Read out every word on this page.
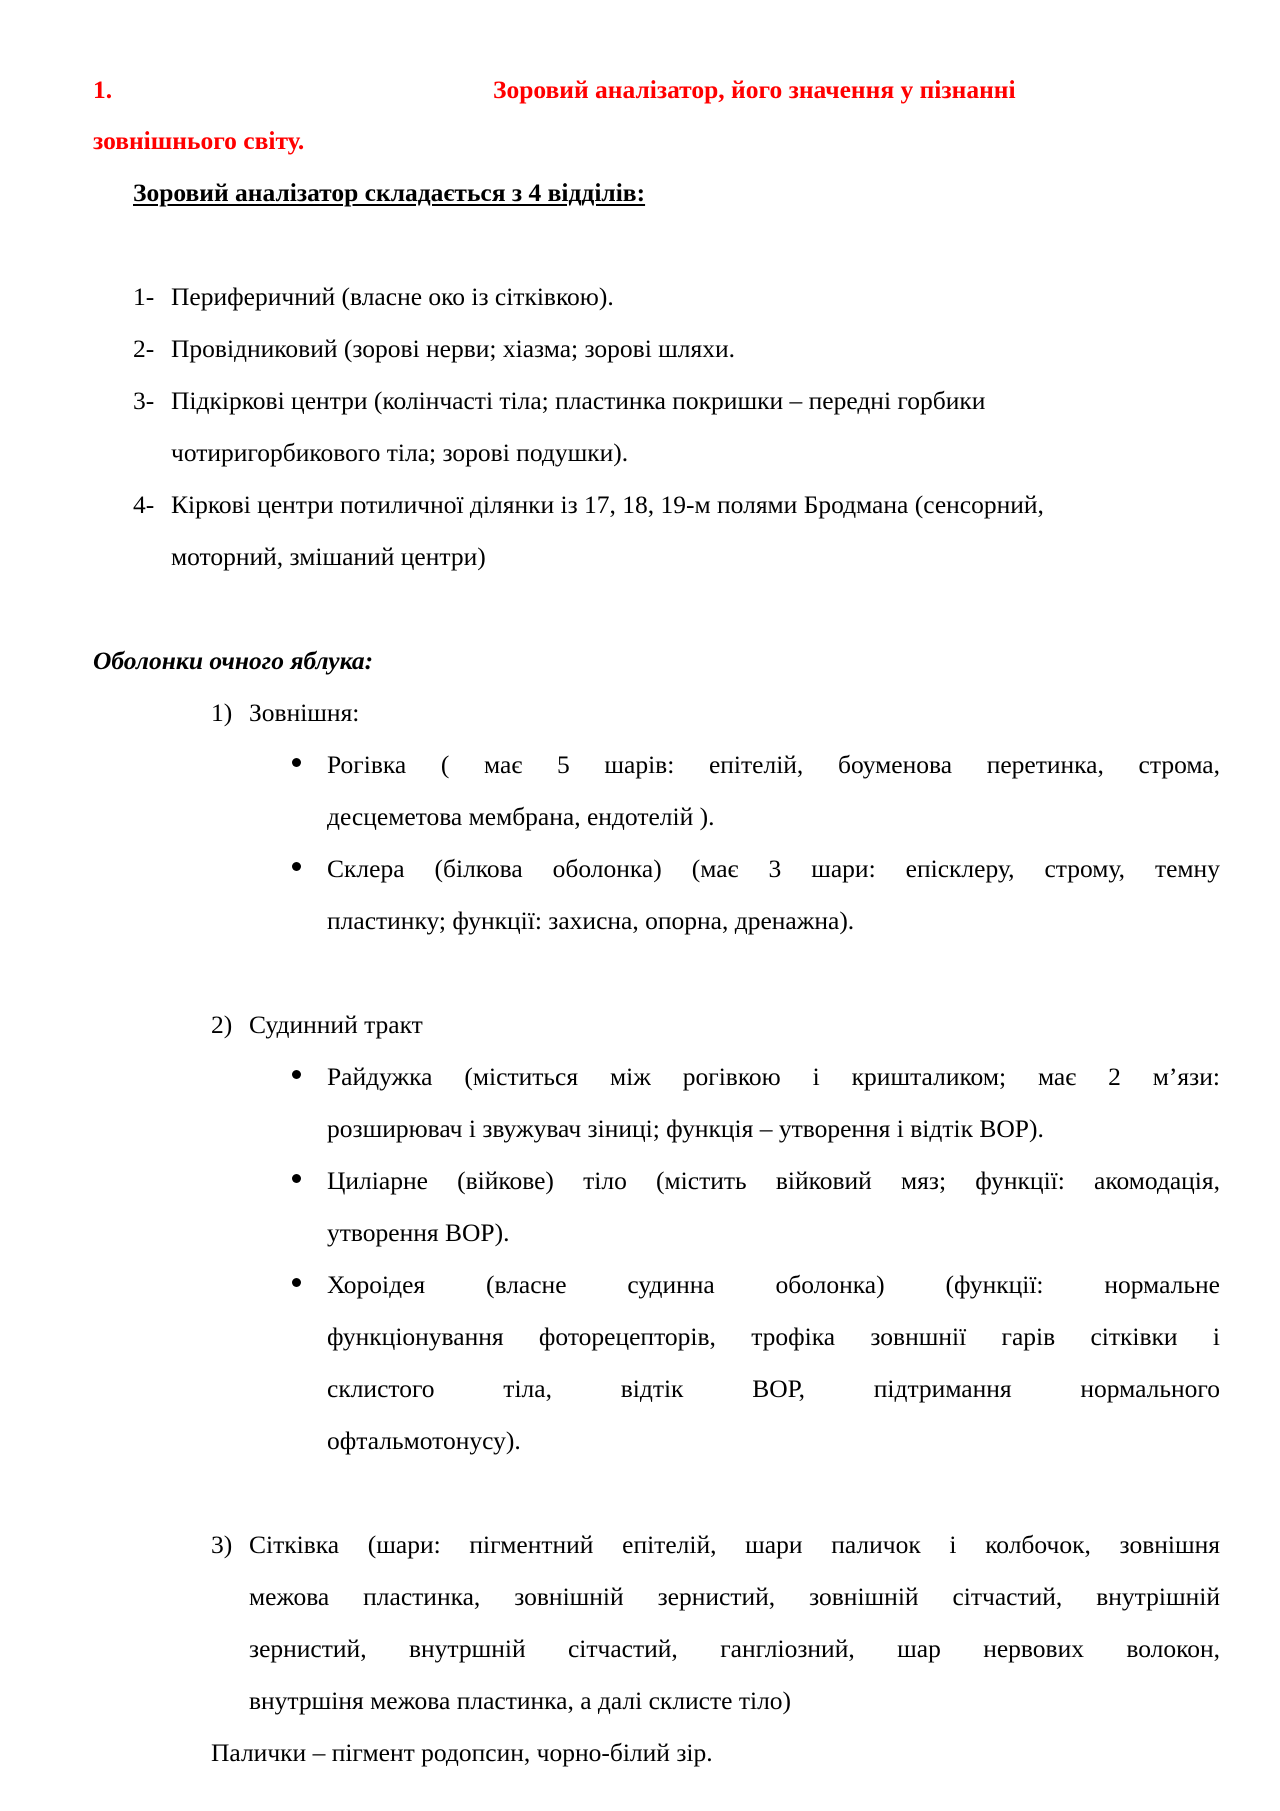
1.	Зоровий аналізатор, його значення у пізнанні
зовнішнього світу.
Зоровий аналізатор складається з 4 відділів:
1- Периферичний (власне око із сітківкою).
2- Провідниковий (зорові нерви; хіазма; зорові шляхи.
3- Підкіркові центри (колінчасті тіла; пластинка покришки – передні горбики
чотиригорбикового тіла; зорові подушки).
4- Кіркові центри потиличної ділянки із 17, 18, 19-м полями Бродмана (сенсорний,
моторний, змішаний центри)
Оболонки очного яблука:
1) Зовнішня:
Рогівка ( має 5 шарів: епітелій, боуменова перетинка, строма,
десцеметова мембрана, ендотелій ).
Склера (білкова оболонка) (має 3 шари: епісклеру, строму, темну
пластинку; функції: захисна, опорна, дренажна).
2) Судинний тракт
Райдужка (міститься між рогівкою і кришталиком; має 2 м’язи:
розширювач і звужувач зіниці; функція – утворення і відтік ВОР).
Циліарне (війкове) тіло (містить війковий мяз; функції: акомодація,
утворення ВОР).
Хороідея (власне судинна оболонка) (функції: нормальне
функціонування фоторецепторів, трофіка зовншнії гарів сітківки і
склистого	тіла,	відтік	ВОР,	підтримання	нормального
офтальмотонусу).
3) Сітківка (шари: пігментний епітелій, шари паличок і колбочок, зовнішня
межова пластинка, зовнішній зернистий, зовнішній сітчастий, внутрішній
зернистий, внутршній сітчастий, гангліозний, шар нервових волокон,
внутршіня межова пластинка, а далі склисте тіло)
Палички – пігмент родопсин, чорно-білий зір.
